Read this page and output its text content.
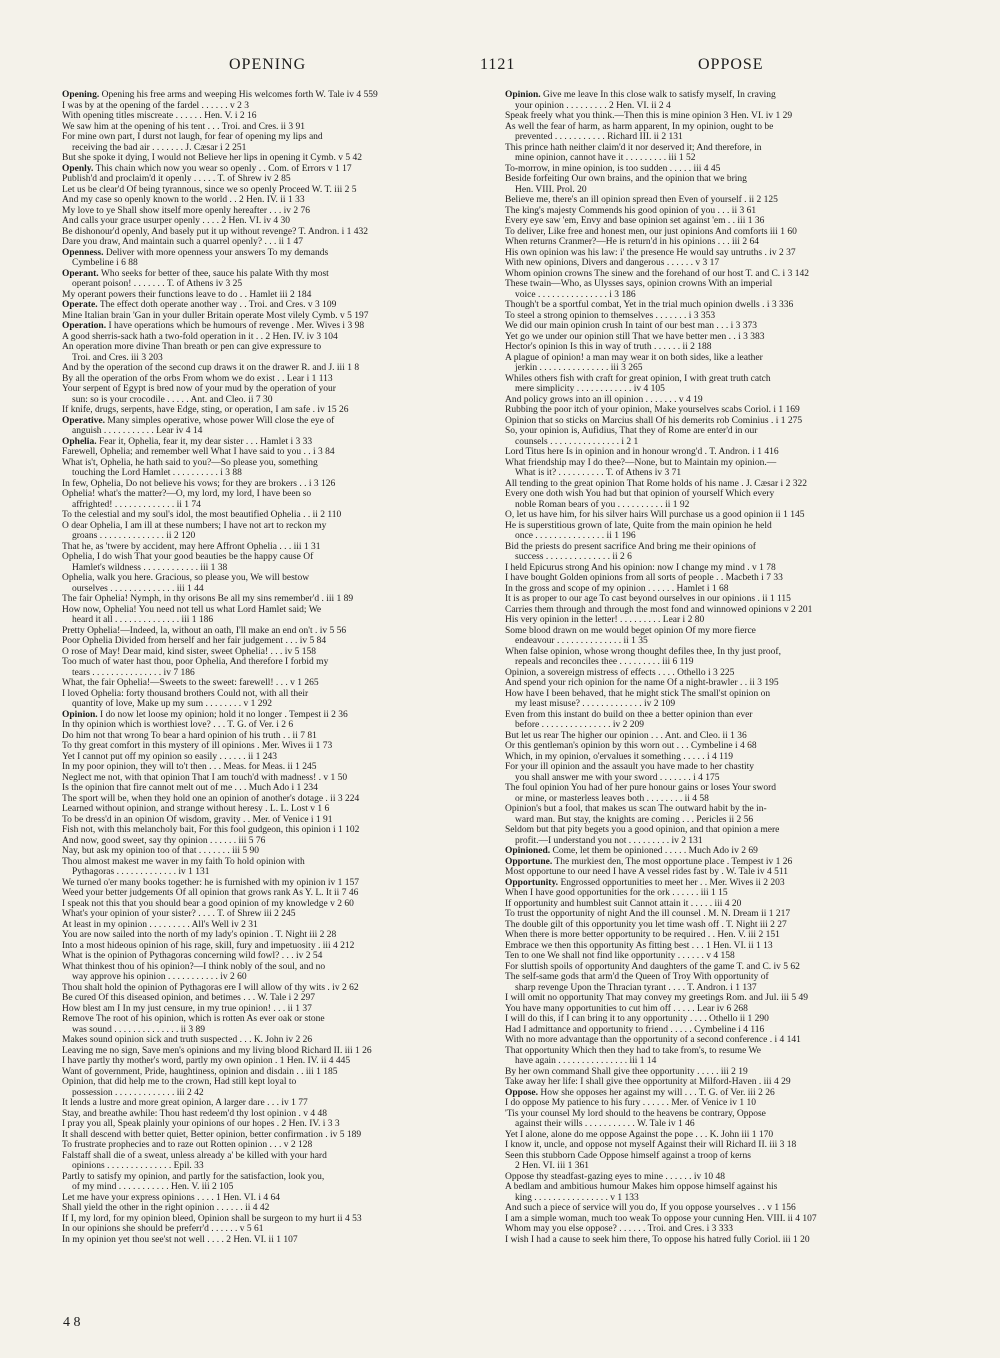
OPENING	1121	OPPOSE
Opening. Opening his free arms and weeping His welcomes forth W. Tale iv 4 559
I was by at the opening of the fardel . . . . . . v 2 3
With opening titles miscreate . . . . . . Hen. V. i 2 16
We saw him at the opening of his tent . . . Troi. and Cres. ii 3 91
For mine own part, I durst not laugh, for fear of opening my lips and
receiving the bad air . . . . . . . J. Cæsar i 2 251
But she spoke it dying, I would not Believe her lips in opening it Cymb. v 5 42
Openly. This chain which now you wear so openly . . Com. of Errors v 1 17
Publish'd and proclaim'd it openly . . . . . T. of Shrew iv 2 85
Let us be clear'd Of being tyrannous, since we so openly Proceed W. T. iii 2 5
And my case so openly known to the world . . 2 Hen. IV. ii 1 33
My love to ye Shall show itself more openly hereafter . . . iv 2 76
And calls your grace usurper openly . . . . 2 Hen. VI. iv 4 30
Be dishonour'd openly, And basely put it up without revenge? T. Andron. i 1 432
Dare you draw, And maintain such a quarrel openly? . . . ii 1 47
Openness. Deliver with more openness your answers To my demands
Cymbeline i 6 88
Operant. Who seeks for better of thee, sauce his palate With thy most
operant poison! . . . . . . . T. of Athens iv 3 25
My operant powers their functions leave to do . . Hamlet iii 2 184
Operate. The effect doth operate another way . . Troi. and Cres. v 3 109
Mine Italian brain 'Gan in your duller Britain operate Most vilely Cymb. v 5 197
Operation. I have operations which be humours of revenge . Mer. Wives i 3 98
A good sherris-sack hath a two-fold operation in it . . 2 Hen. IV. iv 3 104
An operation more divine Than breath or pen can give expressure to
Troi. and Cres. iii 3 203
And by the operation of the second cup draws it on the drawer R. and J. iii 1 8
By all the operation of the orbs From whom we do exist . . Lear i 1 113
Your serpent of Egypt is bred now of your mud by the operation of your
sun: so is your crocodile . . . . . Ant. and Cleo. ii 7 30
If knife, drugs, serpents, have Edge, sting, or operation, I am safe . iv 15 26
Operative. Many simples operative, whose power Will close the eye of
anguish . . . . . . . . . . . Lear iv 4 14
Ophelia. Fear it, Ophelia, fear it, my dear sister . . . Hamlet i 3 33
Farewell, Ophelia; and remember well What I have said to you . . i 3 84
What is't, Ophelia, he hath said to you?—So please you, something
touching the Lord Hamlet . . . . . . . . . . i 3 88
In few, Ophelia, Do not believe his vows; for they are brokers . . i 3 126
Ophelia! what's the matter?—O, my lord, my lord, I have been so
affrighted! . . . . . . . . . . . . . ii 1 74
To the celestial and my soul's idol, the most beautified Ophelia . . ii 2 110
O dear Ophelia, I am ill at these numbers; I have not art to reckon my
groans . . . . . . . . . . . . . . ii 2 120
That he, as 'twere by accident, may here Affront Ophelia . . . iii 1 31
Ophelia, I do wish That your good beauties be the happy cause Of
Hamlet's wildness . . . . . . . . . . . . iii 1 38
Ophelia, walk you here. Gracious, so please you, We will bestow
ourselves . . . . . . . . . . . . . . iii 1 44
The fair Ophelia! Nymph, in thy orisons Be all my sins remember'd . iii 1 89
How now, Ophelia! You need not tell us what Lord Hamlet said; We
heard it all . . . . . . . . . . . . . . iii 1 186
Pretty Ophelia!—Indeed, la, without an oath, I'll make an end on't . iv 5 56
Poor Ophelia Divided from herself and her fair judgement . . . iv 5 84
O rose of May! Dear maid, kind sister, sweet Ophelia! . . . iv 5 158
Too much of water hast thou, poor Ophelia, And therefore I forbid my
tears . . . . . . . . . . . . . . . iv 7 186
What, the fair Ophelia!—Sweets to the sweet: farewell! . . . v 1 265
I loved Ophelia: forty thousand brothers Could not, with all their
quantity of love, Make up my sum . . . . . . . . v 1 292
Opinion. I do now let loose my opinion; hold it no longer . Tempest ii 2 36
In thy opinion which is worthiest love? . . . T. G. of Ver. i 2 6
Do him not that wrong To bear a hard opinion of his truth . . ii 7 81
To thy great comfort in this mystery of ill opinions . Mer. Wives ii 1 73
Yet I cannot put off my opinion so easily . . . . . . ii 1 243
In my poor opinion, they will to't then . . . Meas. for Meas. ii 1 245
Neglect me not, with that opinion That I am touch'd with madness! . v 1 50
Is the opinion that fire cannot melt out of me . . . Much Ado i 1 234
The sport will be, when they hold one an opinion of another's dotage . ii 3 224
Learned without opinion, and strange without heresy . L. L. Lost v 1 6
To be dress'd in an opinion Of wisdom, gravity . . Mer. of Venice i 1 91
Fish not, with this melancholy bait, For this fool gudgeon, this opinion i 1 102
And now, good sweet, say thy opinion . . . . . . iii 5 76
Nay, but ask my opinion too of that . . . . . . . iii 5 90
Thou almost makest me waver in my faith To hold opinion with
Pythagoras . . . . . . . . . . . . . iv 1 131
We turned o'er many books together: he is furnished with my opinion iv 1 157
Weed your better judgements Of all opinion that grows rank As Y. L. It ii 7 46
I speak not this that you should bear a good opinion of my knowledge v 2 60
What's your opinion of your sister? . . . . T. of Shrew iii 2 245
At least in my opinion . . . . . . . . . All's Well iv 2 31
You are now sailed into the north of my lady's opinion . T. Night iii 2 28
Into a most hideous opinion of his rage, skill, fury and impetuosity . iii 4 212
What is the opinion of Pythagoras concerning wild fowl? . . . iv 2 54
What thinkest thou of his opinion?—I think nobly of the soul, and no
way approve his opinion . . . . . . . . . . . iv 2 60
Thou shalt hold the opinion of Pythagoras ere I will allow of thy wits . iv 2 62
Be cured Of this diseased opinion, and betimes . . . W. Tale i 2 297
How blest am I In my just censure, in my true opinion! . . . ii 1 37
Remove The root of his opinion, which is rotten As ever oak or stone
was sound . . . . . . . . . . . . . . ii 3 89
Makes sound opinion sick and truth suspected . . . K. John iv 2 26
Leaving me no sign, Save men's opinions and my living blood Richard II. iii 1 26
I have partly thy mother's word, partly my own opinion . 1 Hen. IV. ii 4 445
Want of government, Pride, haughtiness, opinion and disdain . . iii 1 185
Opinion, that did help me to the crown, Had still kept loyal to
possession . . . . . . . . . . . . . iii 2 42
It lends a lustre and more great opinion, A larger dare . . . iv 1 77
Stay, and breathe awhile: Thou hast redeem'd thy lost opinion . v 4 48
I pray you all, Speak plainly your opinions of our hopes . 2 Hen. IV. i 3 3
It shall descend with better quiet, Better opinion, better confirmation . iv 5 189
To frustrate prophecies and to raze out Rotten opinion . . . v 2 128
Falstaff shall die of a sweat, unless already a' be killed with your hard
opinions . . . . . . . . . . . . . . Epil. 33
Partly to satisfy my opinion, and partly for the satisfaction, look you,
of my mind . . . . . . . . . . . Hen. V. iii 2 105
Let me have your express opinions . . . . 1 Hen. VI. i 4 64
Shall yield the other in the right opinion . . . . . . ii 4 42
If I, my lord, for my opinion bleed, Opinion shall be surgeon to my hurt ii 4 53
In our opinions she should be preferr'd . . . . . . v 5 61
In my opinion yet thou see'st not well . . . . 2 Hen. VI. ii 1 107
Opinion. Give me leave In this close walk to satisfy myself, In craving
your opinion . . . . . . . . . 2 Hen. VI. ii 2 4
Speak freely what you think.—Then this is mine opinion 3 Hen. VI. iv 1 29
As well the fear of harm, as harm apparent, In my opinion, ought to be
prevented . . . . . . . . . . . Richard III. ii 2 131
This prince hath neither claim'd it nor deserved it; And therefore, in
mine opinion, cannot have it . . . . . . . . . iii 1 52
To-morrow, in mine opinion, is too sudden . . . . . iii 4 45
Beside forfeiting Our own brains, and the opinion that we bring
Hen. VIII. Prol. 20
Believe me, there's an ill opinion spread then Even of yourself . ii 2 125
The king's majesty Commends his good opinion of you . . . ii 3 61
Every eye saw 'em, Envy and base opinion set against 'em . . iii 1 36
To deliver, Like free and honest men, our just opinions And comforts iii 1 60
When returns Cranmer?—He is return'd in his opinions . . . iii 2 64
His own opinion was his law: i' the presence He would say untruths . iv 2 37
With new opinions, Divers and dangerous . . . . . . v 3 17
Whom opinion crowns The sinew and the forehand of our host T. and C. i 3 142
These twain—Who, as Ulysses says, opinion crowns With an imperial
voice . . . . . . . . . . . . . . . i 3 186
Though't be a sportful combat, Yet in the trial much opinion dwells . i 3 336
To steel a strong opinion to themselves . . . . . . . i 3 353
We did our main opinion crush In taint of our best man . . . i 3 373
Yet go we under our opinion still That we have better men . . i 3 383
Hector's opinion Is this in way of truth . . . . . . ii 2 188
A plague of opinion! a man may wear it on both sides, like a leather
jerkin . . . . . . . . . . . . . . . iii 3 265
Whiles others fish with craft for great opinion, I with great truth catch
mere simplicity . . . . . . . . . . . . iv 4 105
And policy grows into an ill opinion . . . . . . . v 4 19
Rubbing the poor itch of your opinion, Make yourselves scabs Coriol. i 1 169
Opinion that so sticks on Marcius shall Of his demerits rob Cominius . i 1 275
So, your opinion is, Aufidius, That they of Rome are enter'd in our
counsels . . . . . . . . . . . . . . . i 2 1
Lord Titus here Is in opinion and in honour wrong'd . T. Andron. i 1 416
What friendship may I do thee?—None, but to Maintain my opinion.—
What is it? . . . . . . . . . . T. of Athens iv 3 71
All tending to the great opinion That Rome holds of his name . J. Cæsar i 2 322
Every one doth wish You had but that opinion of yourself Which every
noble Roman bears of you . . . . . . . . . . ii 1 92
O, let us have him, for his silver hairs Will purchase us a good opinion ii 1 145
He is superstitious grown of late, Quite from the main opinion he held
once . . . . . . . . . . . . . . . ii 1 196
Bid the priests do present sacrifice And bring me their opinions of
success . . . . . . . . . . . . . . ii 2 6
I held Epicurus strong And his opinion: now I change my mind . v 1 78
I have bought Golden opinions from all sorts of people . . Macbeth i 7 33
In the gross and scope of my opinion . . . . . . Hamlet i 1 68
It is as proper to our age To cast beyond ourselves in our opinions . ii 1 115
Carries them through and through the most fond and winnowed opinions v 2 201
His very opinion in the letter! . . . . . . . . . Lear i 2 80
Some blood drawn on me would beget opinion Of my more fierce
endeavour . . . . . . . . . . . . . . ii 1 35
When false opinion, whose wrong thought defiles thee, In thy just proof,
repeals and reconciles thee . . . . . . . . . iii 6 119
Opinion, a sovereign mistress of effects . . . . Othello i 3 225
And spend your rich opinion for the name Of a night-brawler . . ii 3 195
How have I been behaved, that he might stick The small'st opinion on
my least misuse? . . . . . . . . . . . . . iv 2 109
Even from this instant do build on thee a better opinion than ever
before . . . . . . . . . . . . . . . iv 2 209
But let us rear The higher our opinion . . . Ant. and Cleo. ii 1 36
Or this gentleman's opinion by this worn out . . . Cymbeline i 4 68
Which, in my opinion, o'ervalues it something . . . . . i 4 119
For your ill opinion and the assault you have made to her chastity
you shall answer me with your sword . . . . . . . i 4 175
The foul opinion You had of her pure honour gains or loses Your sword
or mine, or masterless leaves both . . . . . . . . ii 4 58
Opinion's but a fool, that makes us scan The outward habit by the in-
ward man. But stay, the knights are coming . . . Pericles ii 2 56
Seldom but that pity begets you a good opinion, and that opinion a mere
profit.—I understand you not . . . . . . . . . iv 2 131
Opinioned. Come, let them be opinioned . . . . . Much Ado iv 2 69
Opportune. The murkiest den, The most opportune place . Tempest iv 1 26
Most opportune to our need I have A vessel rides fast by . W. Tale iv 4 511
Opportunity. Engrossed opportunities to meet her . . Mer. Wives ii 2 203
When I have good opportunities for the ork . . . . . . iii 1 15
If opportunity and humblest suit Cannot attain it . . . . . iii 4 20
To trust the opportunity of night And the ill counsel . M. N. Dream ii 1 217
The double gilt of this opportunity you let time wash off . T. Night iii 2 27
When there is more better opportunity to be required . . Hen. V. iii 2 151
Embrace we then this opportunity As fitting best . . . 1 Hen. VI. ii 1 13
Ten to one We shall not find like opportunity . . . . . . v 4 158
For sluttish spoils of opportunity And daughters of the game T. and C. iv 5 62
The self-same gods that arm'd the Queen of Troy With opportunity of
sharp revenge Upon the Thracian tyrant . . . . T. Andron. i 1 137
I will omit no opportunity That may convey my greetings Rom. and Jul. iii 5 49
You have many opportunities to cut him off . . . . . Lear iv 6 268
I will do this, if I can bring it to any opportunity . . . . Othello ii 1 290
Had I admittance and opportunity to friend . . . . . Cymbeline i 4 116
With no more advantage than the opportunity of a second conference . i 4 141
That opportunity Which then they had to take from's, to resume We
have again . . . . . . . . . . . . . . . iii 1 14
By her own command Shall give thee opportunity . . . . . iii 2 19
Take away her life: I shall give thee opportunity at Milford-Haven . iii 4 29
Oppose. How she opposes her against my will . . . T. G. of Ver. iii 2 26
I do oppose My patience to his fury . . . . . . Mer. of Venice iv 1 10
'Tis your counsel My lord should to the heavens be contrary, Oppose
against their wills . . . . . . . . . . . W. Tale iv 1 46
Yet I alone, alone do me oppose Against the pope . . . K. John iii 1 170
I know it, uncle, and oppose not myself Against their will Richard II. iii 3 18
Seen this stubborn Cade Oppose himself against a troop of kerns
2 Hen. VI. iii 1 361
Oppose thy steadfast-gazing eyes to mine . . . . . . iv 10 48
A bedlam and ambitious humour Makes him oppose himself against his
king . . . . . . . . . . . . . . . . v 1 133
And such a piece of service will you do, If you oppose yourselves . . v 1 156
I am a simple woman, much too weak To oppose your cunning Hen. VIII. ii 4 107
Whom may you else oppose? . . . . . . Troi. and Cres. i 3 333
I wish I had a cause to seek him there, To oppose his hatred fully Coriol. iii 1 20
4 8
